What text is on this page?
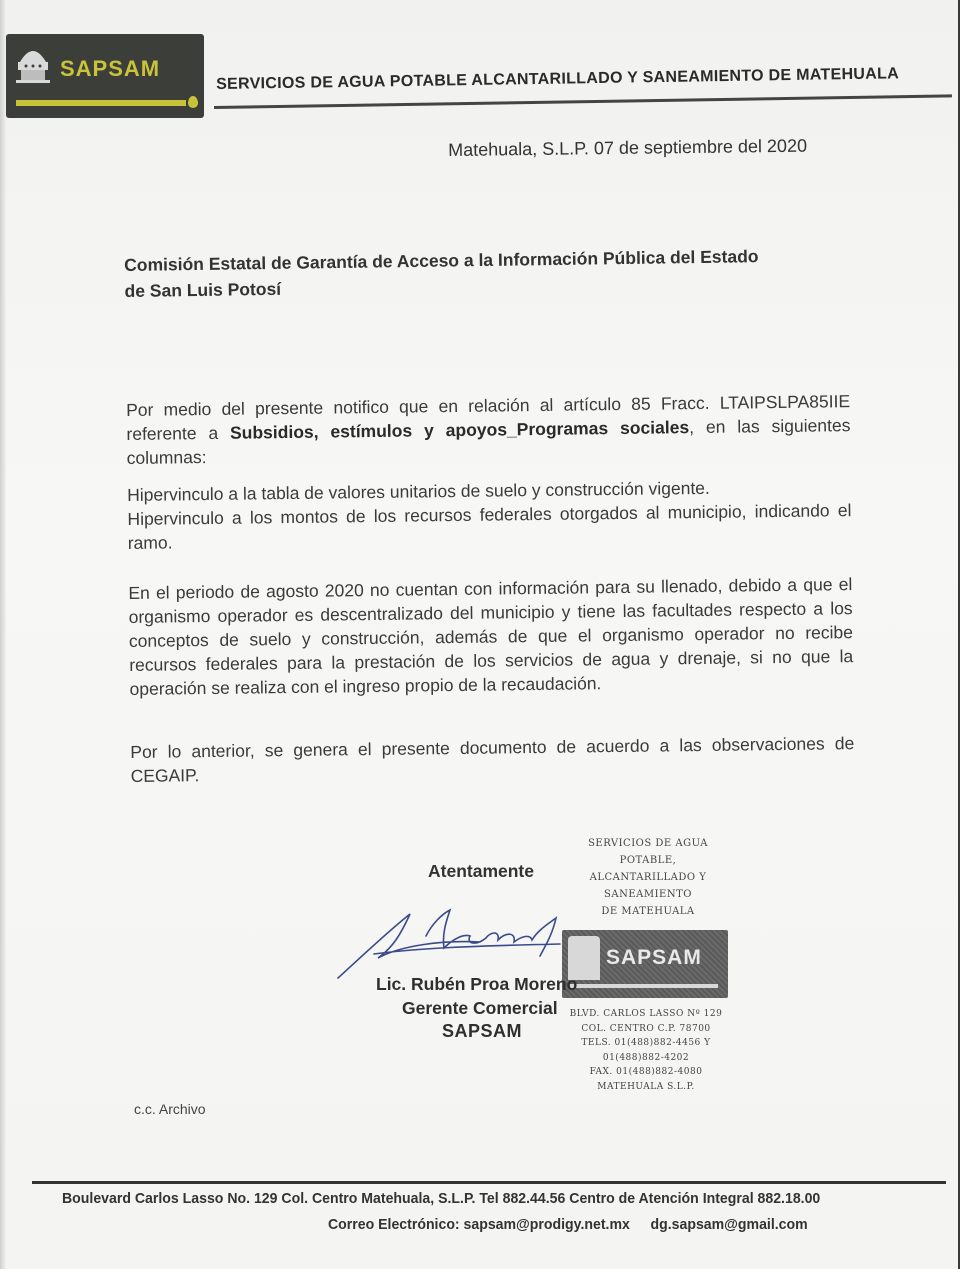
SAPSAM	SERVICIOS DE AGUA POTABLE ALCANTARILLADO Y SANEAMIENTO DE MATEHUALA
Matehuala, S.L.P. 07 de septiembre del 2020
Comisión Estatal de Garantía de Acceso a la Información Pública del Estado
de San Luis Potosí

Por medio del presente notifico que en relación al artículo 85 Fracc. LTAIPSLPA85IIE referente a Subsidios, estímulos y apoyos_Programas sociales, en las siguientes columnas:

Hipervinculo a la tabla de valores unitarios de suelo y construcción vigente.

Hipervinculo a los montos de los recursos federales otorgados al municipio, indicando el ramo.

En el periodo de agosto 2020 no cuentan con información para su llenado, debido a que el organismo operador es descentralizado del municipio y tiene las facultades respecto a los conceptos de suelo y construcción, además de que el organismo operador no recibe recursos federales para la prestación de los servicios de agua y drenaje, si no que la operación se realiza con el ingreso propio de la recaudación.

Por lo anterior, se genera el presente documento de acuerdo a las observaciones de CEGAIP.

Atentamente
SERVICIOS DE AGUA POTABLE,
ALCANTARILLADO Y
SANEAMIENTO
DE MATEHUALA
SAPSAM
BLVD. CARLOS LASSO Nº 129
COL. CENTRO C.P. 78700
TELS. 01(488)882-4456 Y
01(488)882-4202
FAX. 01(488)882-4080
MATEHUALA S.L.P.
Lic. Rubén Proa Moreno
Gerente Comercial
SAPSAM
c.c. Archivo
Boulevard Carlos Lasso No. 129 Col. Centro Matehuala, S.L.P. Tel 882.44.56 Centro de Atención Integral 882.18.00
Correo Electrónico: sapsam@prodigy.net.mx dg.sapsam@gmail.com
